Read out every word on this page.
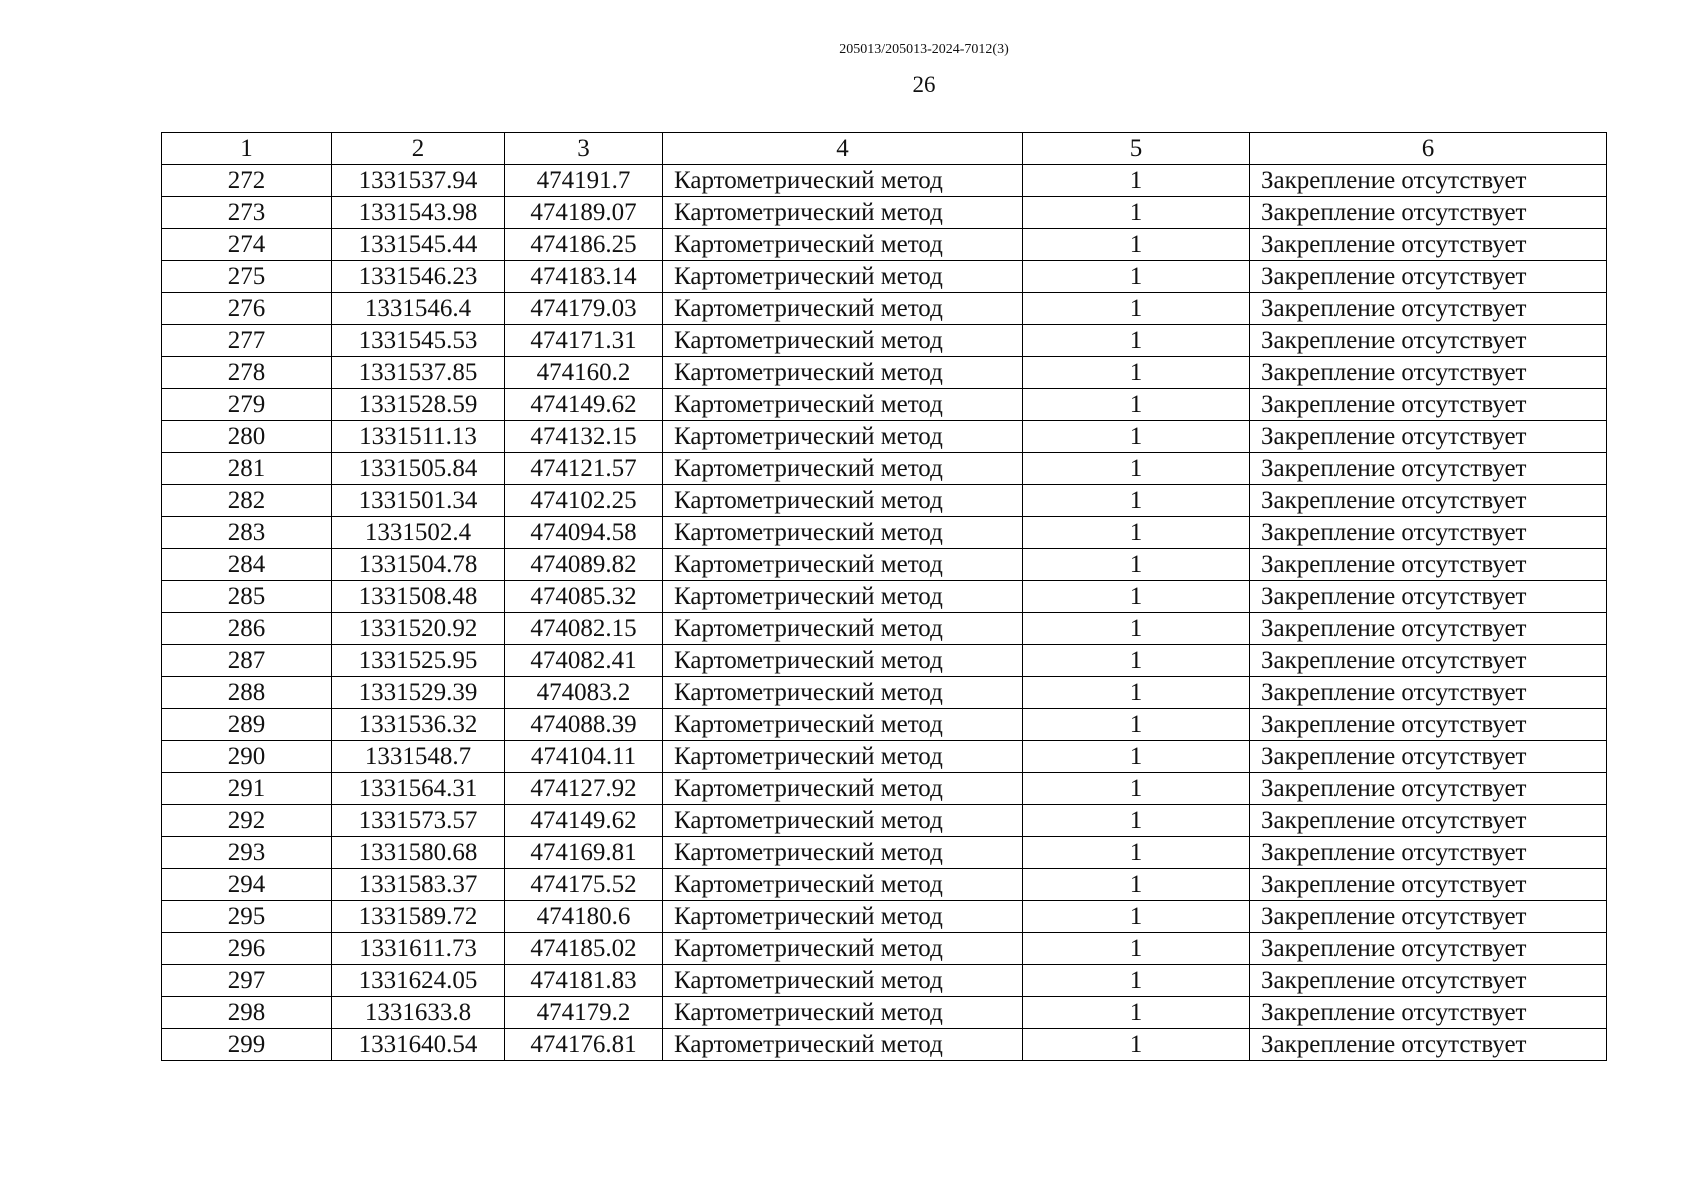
205013/205013-2024-7012(3)
26
1	2	3	4	5	6
272	1331537.94	474191.7	Картометрический метод	1	Закрепление отсутствует
273	1331543.98	474189.07	Картометрический метод	1	Закрепление отсутствует
274	1331545.44	474186.25	Картометрический метод	1	Закрепление отсутствует
275	1331546.23	474183.14	Картометрический метод	1	Закрепление отсутствует
276	1331546.4	474179.03	Картометрический метод	1	Закрепление отсутствует
277	1331545.53	474171.31	Картометрический метод	1	Закрепление отсутствует
278	1331537.85	474160.2	Картометрический метод	1	Закрепление отсутствует
279	1331528.59	474149.62	Картометрический метод	1	Закрепление отсутствует
280	1331511.13	474132.15	Картометрический метод	1	Закрепление отсутствует
281	1331505.84	474121.57	Картометрический метод	1	Закрепление отсутствует
282	1331501.34	474102.25	Картометрический метод	1	Закрепление отсутствует
283	1331502.4	474094.58	Картометрический метод	1	Закрепление отсутствует
284	1331504.78	474089.82	Картометрический метод	1	Закрепление отсутствует
285	1331508.48	474085.32	Картометрический метод	1	Закрепление отсутствует
286	1331520.92	474082.15	Картометрический метод	1	Закрепление отсутствует
287	1331525.95	474082.41	Картометрический метод	1	Закрепление отсутствует
288	1331529.39	474083.2	Картометрический метод	1	Закрепление отсутствует
289	1331536.32	474088.39	Картометрический метод	1	Закрепление отсутствует
290	1331548.7	474104.11	Картометрический метод	1	Закрепление отсутствует
291	1331564.31	474127.92	Картометрический метод	1	Закрепление отсутствует
292	1331573.57	474149.62	Картометрический метод	1	Закрепление отсутствует
293	1331580.68	474169.81	Картометрический метод	1	Закрепление отсутствует
294	1331583.37	474175.52	Картометрический метод	1	Закрепление отсутствует
295	1331589.72	474180.6	Картометрический метод	1	Закрепление отсутствует
296	1331611.73	474185.02	Картометрический метод	1	Закрепление отсутствует
297	1331624.05	474181.83	Картометрический метод	1	Закрепление отсутствует
298	1331633.8	474179.2	Картометрический метод	1	Закрепление отсутствует
299	1331640.54	474176.81	Картометрический метод	1	Закрепление отсутствует
